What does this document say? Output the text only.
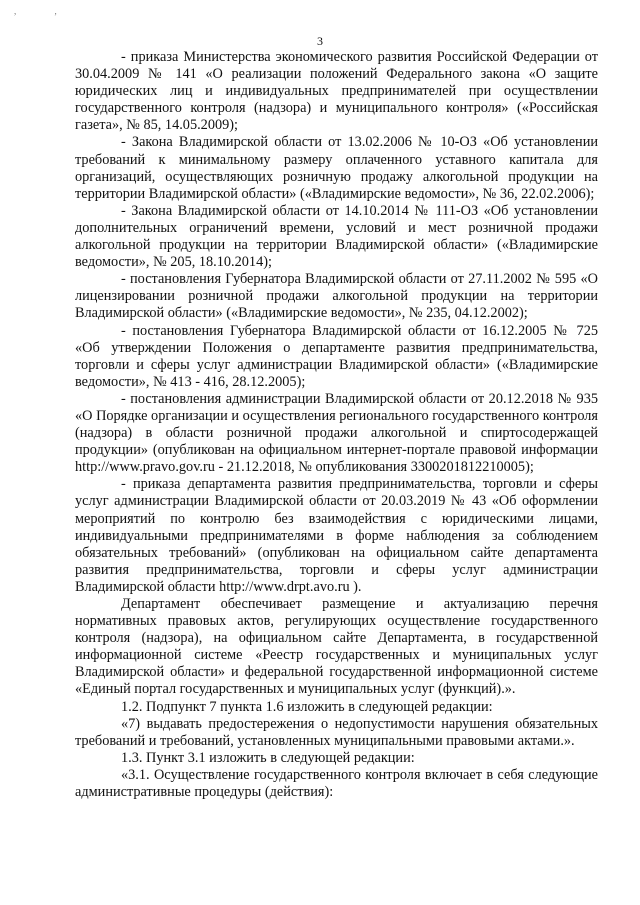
, ,
3

- приказа Министерства экономического развития Российской Федерации от 30.04.2009 № 141 «О реализации положений Федерального закона «О защите юридических лиц и индивидуальных предпринимателей при осуществлении государственного контроля (надзора) и муниципального контроля» («Российская газета», № 85, 14.05.2009);

- Закона Владимирской области от 13.02.2006 № 10-ОЗ «Об установлении требований к минимальному размеру оплаченного уставного капитала для организаций, осуществляющих розничную продажу алкогольной продукции на территории Владимирской области» («Владимирские ведомости», № 36, 22.02.2006);

- Закона Владимирской области от 14.10.2014 № 111-ОЗ «Об установлении дополнительных ограничений времени, условий и мест розничной продажи алкогольной продукции на территории Владимирской области» («Владимирские ведомости», № 205, 18.10.2014);

- постановления Губернатора Владимирской области от 27.11.2002 № 595 «О лицензировании розничной продажи алкогольной продукции на территории Владимирской области» («Владимирские ведомости», № 235, 04.12.2002);

- постановления Губернатора Владимирской области от 16.12.2005 № 725 «Об утверждении Положения о департаменте развития предпринимательства, торговли и сферы услуг администрации Владимирской области» («Владимирские ведомости», № 413 - 416, 28.12.2005);

- постановления администрации Владимирской области от 20.12.2018 № 935 «О Порядке организации и осуществления регионального государственного контроля (надзора) в области розничной продажи алкогольной и спиртосодержащей продукции» (опубликован на официальном интернет-портале правовой информации http://www.pravo.gov.ru - 21.12.2018, № опубликования 3300201812210005);

- приказа департамента развития предпринимательства, торговли и сферы услуг администрации Владимирской области от 20.03.2019 № 43 «Об оформлении мероприятий по контролю без взаимодействия с юридическими лицами, индивидуальными предпринимателями в форме наблюдения за соблюдением обязательных требований» (опубликован на официальном сайте департамента развития предпринимательства, торговли и сферы услуг администрации Владимирской области http://www.drpt.avo.ru ).

Департамент обеспечивает размещение и актуализацию перечня нормативных правовых актов, регулирующих осуществление государственного контроля (надзора), на официальном сайте Департамента, в государственной информационной системе «Реестр государственных и муниципальных услуг Владимирской области» и федеральной государственной информационной системе «Единый портал государственных и муниципальных услуг (функций).».

1.2. Подпункт 7 пункта 1.6 изложить в следующей редакции:

«7) выдавать предостережения о недопустимости нарушения обязательных требований и требований, установленных муниципальными правовыми актами.».

1.3. Пункт 3.1 изложить в следующей редакции:

«3.1. Осуществление государственного контроля включает в себя следующие административные процедуры (действия):
